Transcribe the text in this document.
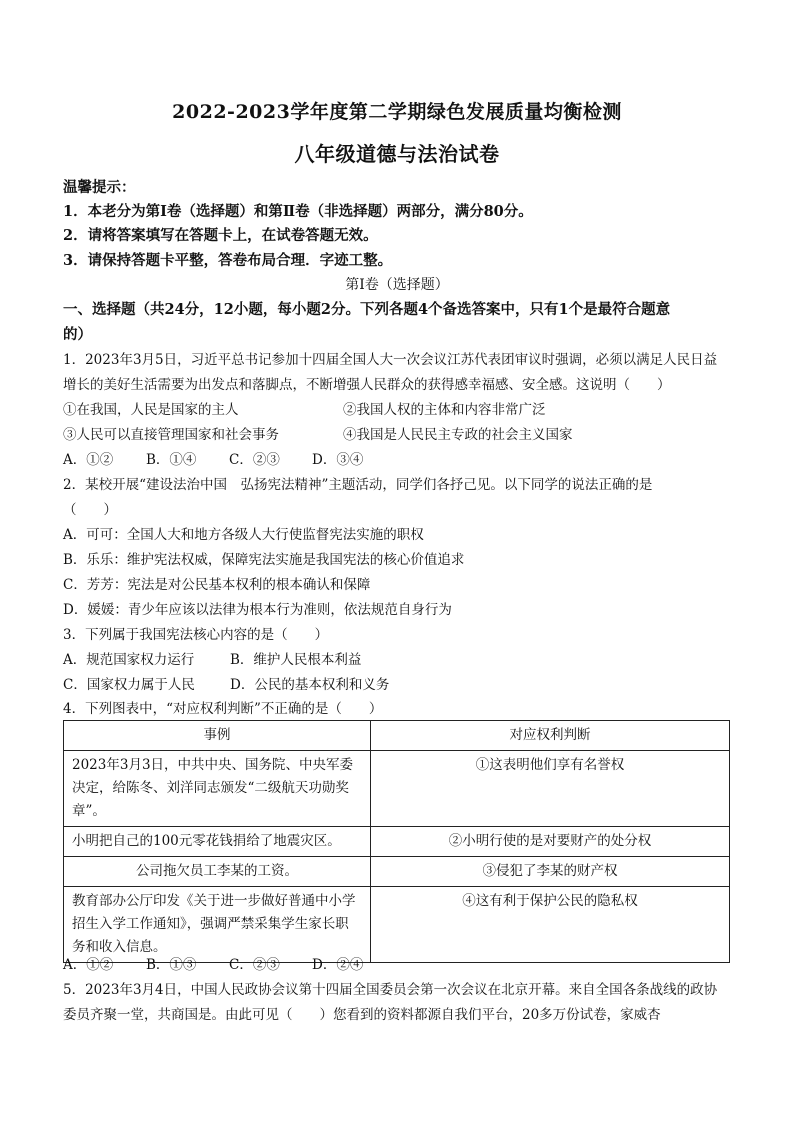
2022-2023学年度第二学期绿色发展质量均衡检测
八年级道德与法治试卷
温馨提示：
1．本老分为第Ⅰ卷（选择题）和第Ⅱ卷（非选择题）两部分，满分80分。
2．请将答案填写在答题卡上，在试卷答题无效。
3．请保持答题卡平整，答卷布局合理．字迹工整。
第Ⅰ卷（选择题）
一、选择题（共24分，12小题，每小题2分。下列各题4个备选答案中，只有1个是最符合题意
的）
1．2023年3月5日，习近平总书记参加十四届全国人大一次会议江苏代表团审议时强调，必须以满足人民日益
增长的美好生活需要为出发点和落脚点，不断增强人民群众的获得感幸福感、安全感。这说明（　　）
①在我国，人民是国家的主人	②我国人权的主体和内容非常广泛
③人民可以直接管理国家和社会事务	④我国是人民民主专政的社会主义国家
A．①② B．①④ C．②③ D．③④
2．某校开展“建设法治中国　弘扬宪法精神”主题活动，同学们各抒己见。以下同学的说法正确的是
（　　）
A．可可：全国人大和地方各级人大行使监督宪法实施的职权
B．乐乐：维护宪法权威，保障宪法实施是我国宪法的核心价值追求
C．芳芳：宪法是对公民基本权利的根本确认和保障
D．媛媛：青少年应该以法律为根本行为准则，依法规范自身行为
3．下列属于我国宪法核心内容的是（　　）
A．规范国家权力运行	B．维护人民根本利益
C．国家权力属于人民	D．公民的基本权利和义务
4．下列图表中，“对应权利判断”不正确的是（　　）
事例	对应权利判断
2023年3月3日，中共中央、国务院、中央军委决定，给陈冬、刘洋同志颁发“二级航天功勋奖章”。	①这表明他们享有名誉权
小明把自己的100元零花钱捐给了地震灾区。	②小明行使的是对要财产的处分权
公司拖欠员工李某的工资。	③侵犯了李某的财产权
教育部办公厅印发《关于进一步做好普通中小学招生入学工作通知》，强调严禁采集学生家长职务和收入信息。	④这有利于保护公民的隐私权
A．①② B．①③ C．②③ D．②④
5．2023年3月4日，中国人民政协会议第十四届全国委员会第一次会议在北京开幕。来自全国各条战线的政协
委员齐聚一堂，共商国是。由此可见（　　）您看到的资料都源自我们平台，20多万份试卷，家威杏
